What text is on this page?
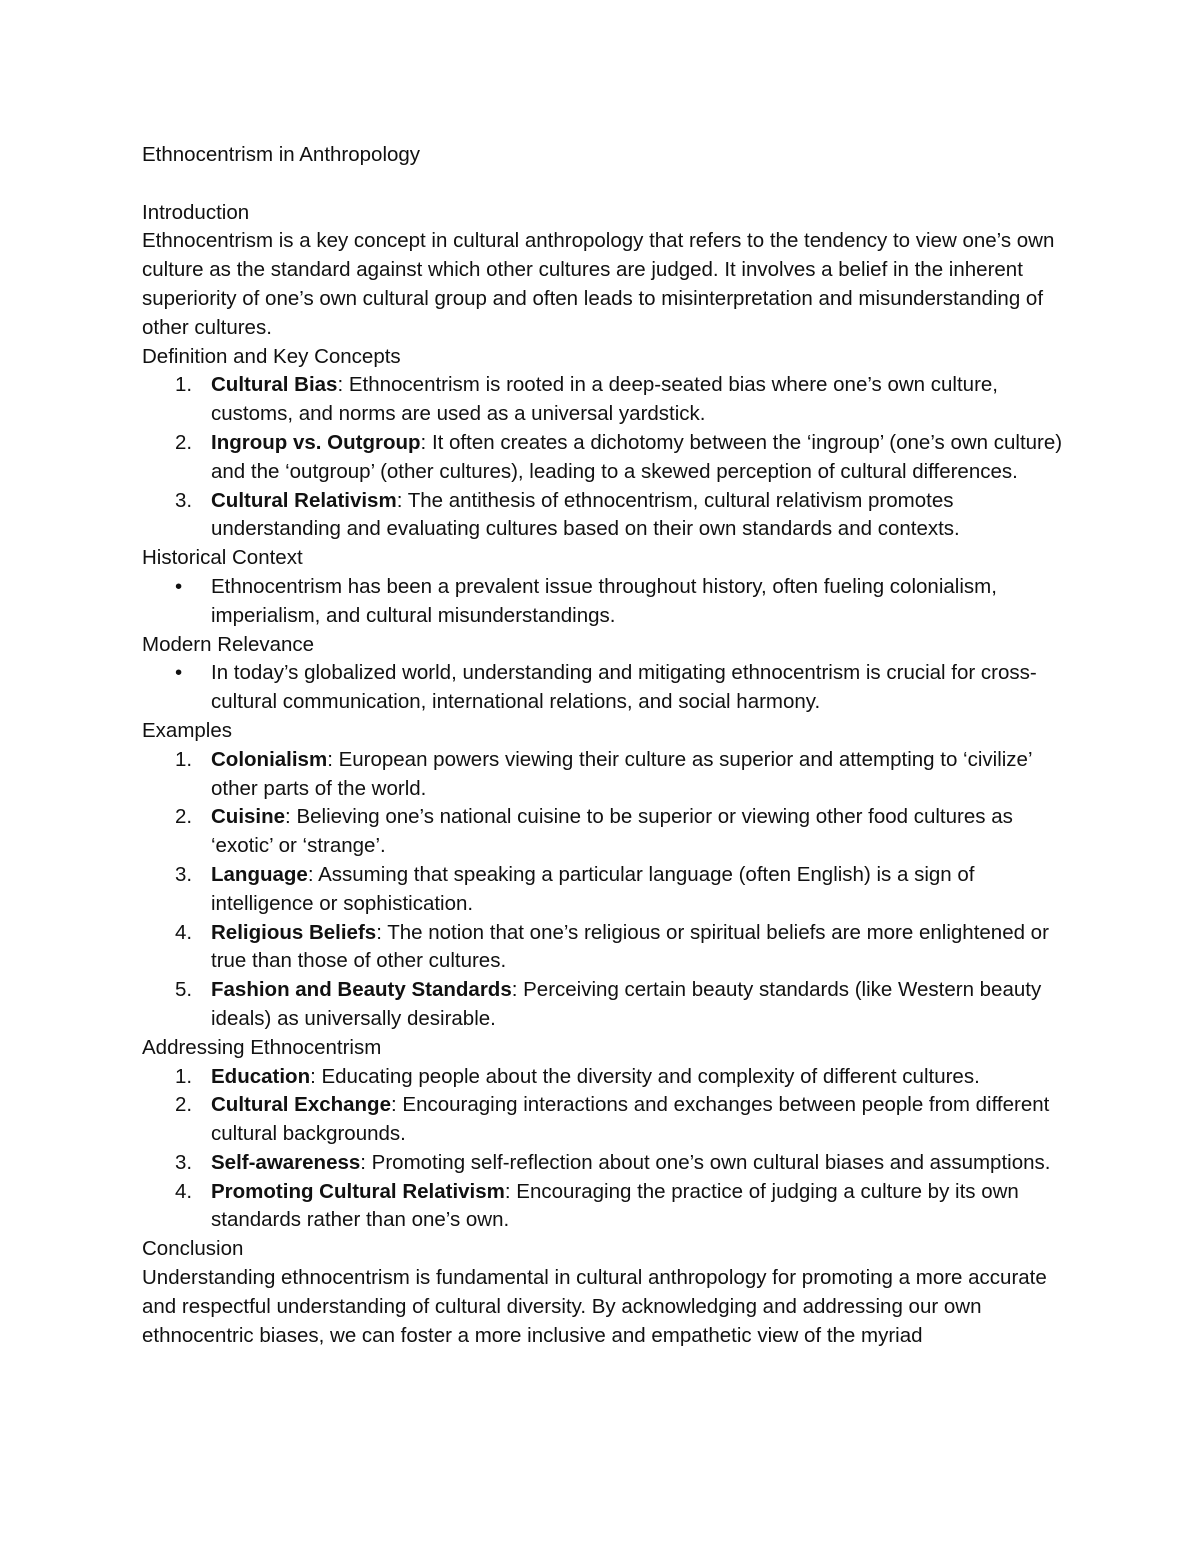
Ethnocentrism in Anthropology
Introduction

Ethnocentrism is a key concept in cultural anthropology that refers to the tendency to view one’s own culture as the standard against which other cultures are judged. It involves a belief in the inherent superiority of one’s own cultural group and often leads to misinterpretation and misunderstanding of other cultures.

Definition and Key Concepts
1. Cultural Bias: Ethnocentrism is rooted in a deep-seated bias where one’s own culture, customs, and norms are used as a universal yardstick.
2. Ingroup vs. Outgroup: It often creates a dichotomy between the ‘ingroup’ (one’s own culture) and the ‘outgroup’ (other cultures), leading to a skewed perception of cultural differences.
3. Cultural Relativism: The antithesis of ethnocentrism, cultural relativism promotes understanding and evaluating cultures based on their own standards and contexts.
Historical Context
• Ethnocentrism has been a prevalent issue throughout history, often fueling colonialism, imperialism, and cultural misunderstandings.
Modern Relevance
• In today’s globalized world, understanding and mitigating ethnocentrism is crucial for cross-cultural communication, international relations, and social harmony.
Examples
1. Colonialism: European powers viewing their culture as superior and attempting to ‘civilize’ other parts of the world.
2. Cuisine: Believing one’s national cuisine to be superior or viewing other food cultures as ‘exotic’ or ‘strange’.
3. Language: Assuming that speaking a particular language (often English) is a sign of intelligence or sophistication.
4. Religious Beliefs: The notion that one’s religious or spiritual beliefs are more enlightened or true than those of other cultures.
5. Fashion and Beauty Standards: Perceiving certain beauty standards (like Western beauty ideals) as universally desirable.
Addressing Ethnocentrism
1. Education: Educating people about the diversity and complexity of different cultures.
2. Cultural Exchange: Encouraging interactions and exchanges between people from different cultural backgrounds.
3. Self-awareness: Promoting self-reflection about one’s own cultural biases and assumptions.
4. Promoting Cultural Relativism: Encouraging the practice of judging a culture by its own standards rather than one’s own.
Conclusion

Understanding ethnocentrism is fundamental in cultural anthropology for promoting a more accurate and respectful understanding of cultural diversity. By acknowledging and addressing our own ethnocentric biases, we can foster a more inclusive and empathetic view of the myriad
